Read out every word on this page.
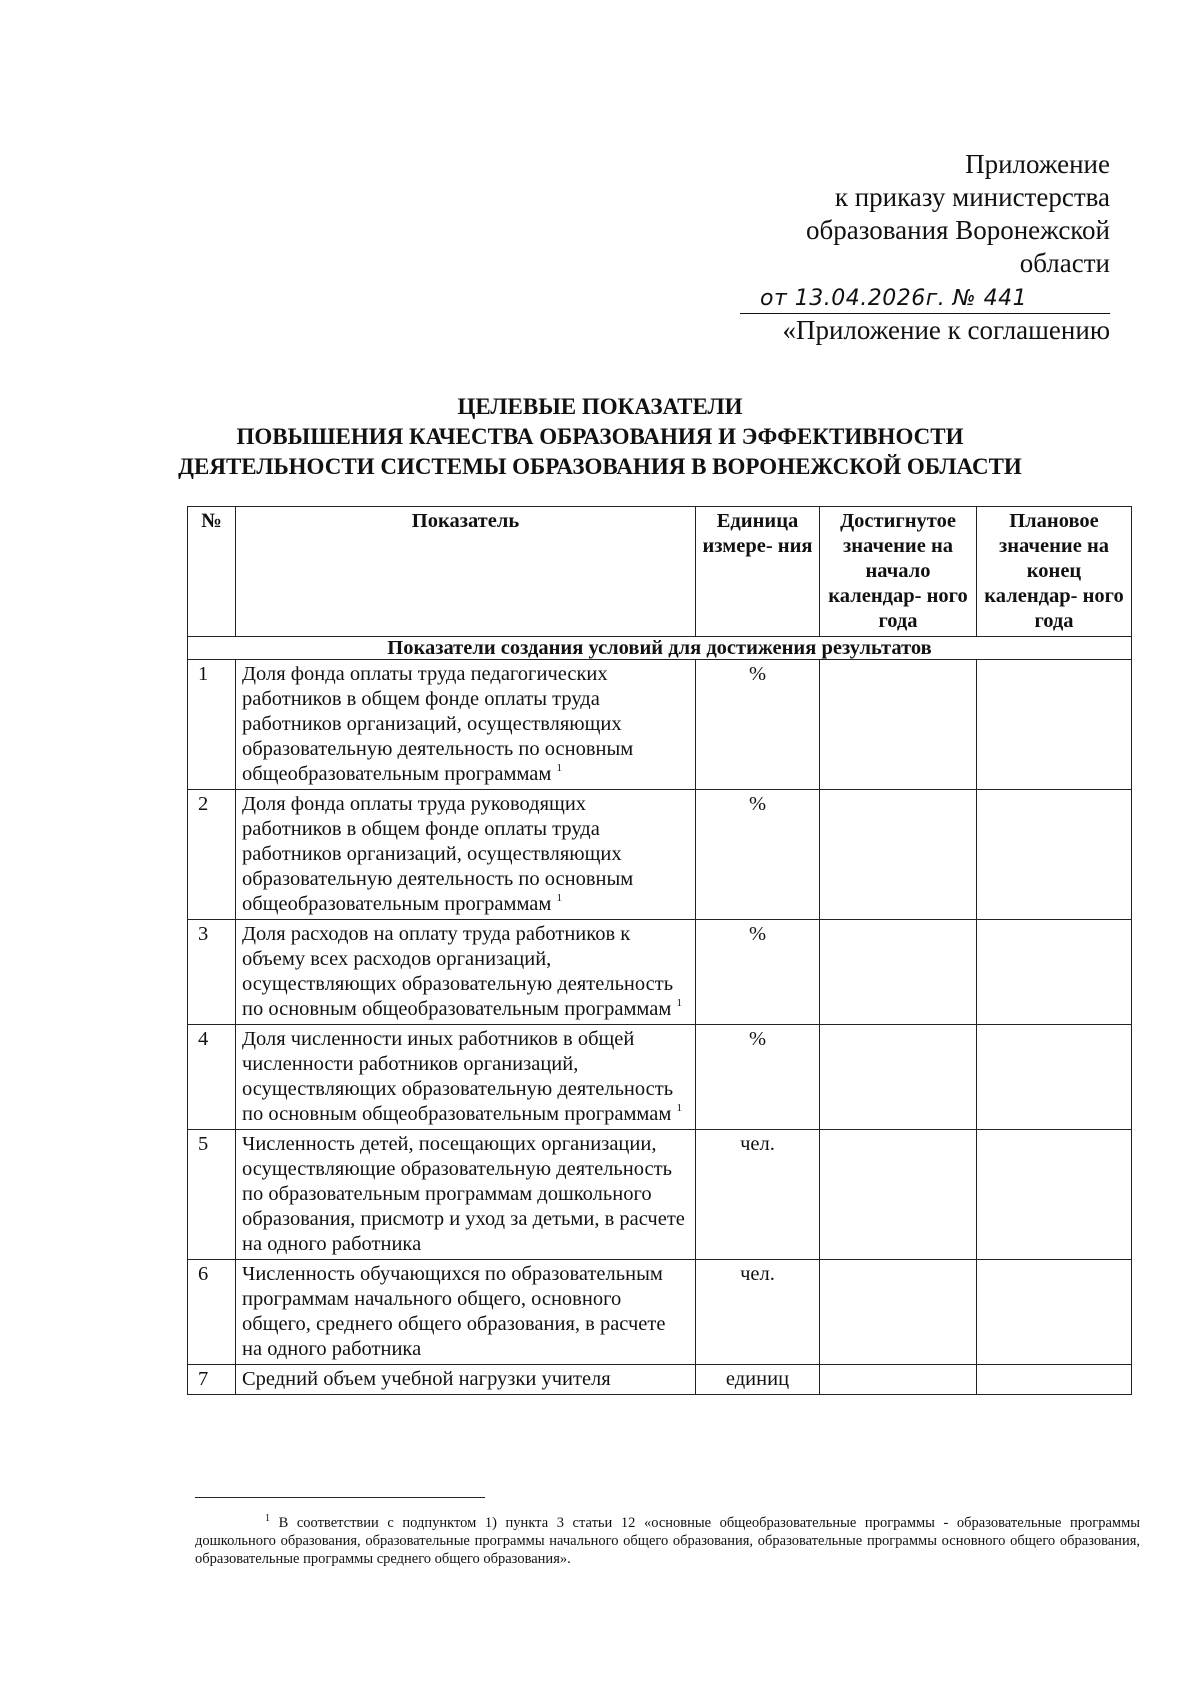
Приложение
к приказу министерства
образования Воронежской
области
от 13.04.2026г. № 441
«Приложение к соглашению
ЦЕЛЕВЫЕ ПОКАЗАТЕЛИ
ПОВЫШЕНИЯ КАЧЕСТВА ОБРАЗОВАНИЯ И ЭФФЕКТИВНОСТИ
ДЕЯТЕЛЬНОСТИ СИСТЕМЫ ОБРАЗОВАНИЯ В ВОРОНЕЖСКОЙ ОБЛАСТИ
№	Показатель	Единица измере- ния	Достигнутое значение на начало календар- ного года	Плановое значение на конец календар- ного года
Показатели создания условий для достижения результатов				
1	Доля фонда оплаты труда педагогических работников в общем фонде оплаты труда работников организаций, осуществляющих образовательную деятельность по основным общеобразовательным программам $^1$	%		
2	Доля фонда оплаты труда руководящих работников в общем фонде оплаты труда работников организаций, осуществляющих образовательную деятельность по основным общеобразовательным программам $^1$	%		
3	Доля расходов на оплату труда работников к объему всех расходов организаций, осуществляющих образовательную деятельность по основным общеобразовательным программам $^1$	%		
4	Доля численности иных работников в общей численности работников организаций, осуществляющих образовательную деятельность по основным общеобразовательным программам $^1$	%		
5	Численность детей, посещающих организации, осуществляющие образовательную деятельность по образовательным программам дошкольного образования, присмотр и уход за детьми, в расчете на одного работника	чел.		
6	Численность обучающихся по образовательным программам начального общего, основного общего, среднего общего образования, в расчете на одного работника	чел.		
7	Средний объем учебной нагрузки учителя	единиц		
$^1$ В соответствии с подпунктом 1) пункта 3 статьи 12 «основные общеобразовательные программы - образовательные программы дошкольного образования, образовательные программы начального общего образования, образовательные программы основного общего образования, образовательные программы среднего общего образования».
